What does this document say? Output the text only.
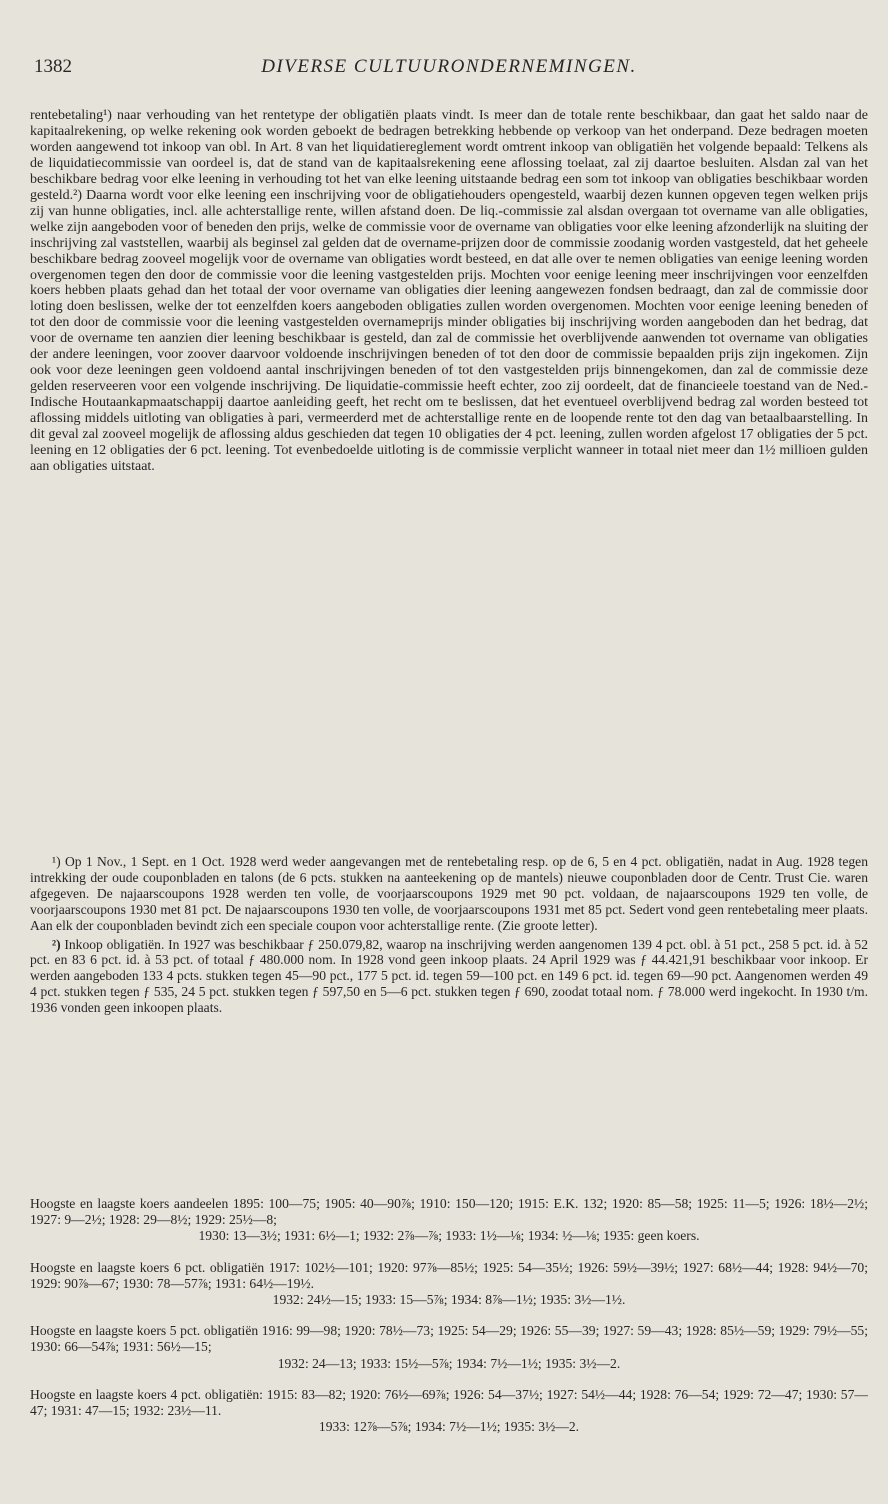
1382	DIVERSE CULTUURONDERNEMINGEN.
rentebetaling¹) naar verhouding van het rentetype der obligatiën plaats vindt. Is meer dan de totale rente beschikbaar, dan gaat het saldo naar de kapitaalrekening, op welke rekening ook worden geboekt de bedragen betrekking hebbende op verkoop van het onderpand. Deze bedragen moeten worden aangewend tot inkoop van obl. In Art. 8 van het liquidatiereglement wordt omtrent inkoop van obligatiën het volgende bepaald: Telkens als de liquidatiecommissie van oordeel is, dat de stand van de kapitaalsrekening eene aflossing toelaat, zal zij daartoe besluiten. Alsdan zal van het beschikbare bedrag voor elke leening in verhouding tot het van elke leening uitstaande bedrag een som tot inkoop van obligaties beschikbaar worden gesteld.²) Daarna wordt voor elke leening een inschrijving voor de obligatiehouders opengesteld, waarbij dezen kunnen opgeven tegen welken prijs zij van hunne obligaties, incl. alle achterstallige rente, willen afstand doen. De liq.-commissie zal alsdan overgaan tot overname van alle obligaties, welke zijn aangeboden voor of beneden den prijs, welke de commissie voor de overname van obligaties voor elke leening afzonderlijk na sluiting der inschrijving zal vaststellen, waarbij als beginsel zal gelden dat de overname-prijzen door de commissie zoodanig worden vastgesteld, dat het geheele beschikbare bedrag zooveel mogelijk voor de overname van obligaties wordt besteed, en dat alle over te nemen obligaties van eenige leening worden overgenomen tegen den door de commissie voor die leening vastgestelden prijs. Mochten voor eenige leening meer inschrijvingen voor eenzelfden koers hebben plaats gehad dan het totaal der voor overname van obligaties dier leening aangewezen fondsen bedraagt, dan zal de commissie door loting doen beslissen, welke der tot eenzelfden koers aangeboden obligaties zullen worden overgenomen. Mochten voor eenige leening beneden of tot den door de commissie voor die leening vastgestelden overnameprijs minder obligaties bij inschrijving worden aangeboden dan het bedrag, dat voor de overname ten aanzien dier leening beschikbaar is gesteld, dan zal de commissie het overblijvende aanwenden tot overname van obligaties der andere leeningen, voor zoover daarvoor voldoende inschrijvingen beneden of tot den door de commissie bepaalden prijs zijn ingekomen. Zijn ook voor deze leeningen geen voldoend aantal inschrijvingen beneden of tot den vastgestelden prijs binnengekomen, dan zal de commissie deze gelden reserveeren voor een volgende inschrijving. De liquidatie-commissie heeft echter, zoo zij oordeelt, dat de financieele toestand van de Ned.-Indische Houtaankapmaatschappij daartoe aanleiding geeft, het recht om te beslissen, dat het eventueel overblijvend bedrag zal worden besteed tot aflossing middels uitloting van obligaties à pari, vermeerderd met de achterstallige rente en de loopende rente tot den dag van betaalbaarstelling. In dit geval zal zooveel mogelijk de aflossing aldus geschieden dat tegen 10 obligaties der 4 pct. leening, zullen worden afgelost 17 obligaties der 5 pct. leening en 12 obligaties der 6 pct. leening. Tot evenbedoelde uitloting is de commissie verplicht wanneer in totaal niet meer dan 1½ millioen gulden aan obligaties uitstaat.

¹) Op 1 Nov., 1 Sept. en 1 Oct. 1928 werd weder aangevangen met de rentebetaling resp. op de 6, 5 en 4 pct. obligatiën, nadat in Aug. 1928 tegen intrekking der oude couponbladen en talons (de 6 pcts. stukken na aanteekening op de mantels) nieuwe couponbladen door de Centr. Trust Cie. waren afgegeven. De najaarscoupons 1928 werden ten volle, de voorjaarscoupons 1929 met 90 pct. voldaan, de najaarscoupons 1929 ten volle, de voorjaarscoupons 1930 met 81 pct. De najaarscoupons 1930 ten volle, de voorjaarscoupons 1931 met 85 pct. Sedert vond geen rentebetaling meer plaats. Aan elk der couponbladen bevindt zich een speciale coupon voor achterstallige rente. (Zie groote letter).

²) Inkoop obligatiën. In 1927 was beschikbaar ƒ 250.079,82, waarop na inschrijving werden aangenomen 139 4 pct. obl. à 51 pct., 258 5 pct. id. à 52 pct. en 83 6 pct. id. à 53 pct. of totaal ƒ 480.000 nom. In 1928 vond geen inkoop plaats. 24 April 1929 was ƒ 44.421,91 beschikbaar voor inkoop. Er werden aangeboden 133 4 pcts. stukken tegen 45—90 pct., 177 5 pct. id. tegen 59—100 pct. en 149 6 pct. id. tegen 69—90 pct. Aangenomen werden 49 4 pct. stukken tegen ƒ 535, 24 5 pct. stukken tegen ƒ 597,50 en 5—6 pct. stukken tegen ƒ 690, zoodat totaal nom. ƒ 78.000 werd ingekocht. In 1930 t/m. 1936 vonden geen inkoopen plaats.

Hoogste en laagste koers aandeelen 1895: 100—75; 1905: 40—90⅞; 1910: 150—120; 1915: E.K. 132; 1920: 85—58; 1925: 11—5; 1926: 18½—2½; 1927: 9—2½; 1928: 29—8½; 1929: 25½—8;
1930: 13—3½; 1931: 6½—1; 1932: 2⅞—⅞; 1933: 1½—⅛; 1934: ½—⅛; 1935: geen koers.
Hoogste en laagste koers 6 pct. obligatiën 1917: 102½—101; 1920: 97⅞—85½; 1925: 54—35½; 1926: 59½—39½; 1927: 68½—44; 1928: 94½—70; 1929: 90⅞—67; 1930: 78—57⅞; 1931: 64½—19½.
1932: 24½—15; 1933: 15—5⅞; 1934: 8⅞—1½; 1935: 3½—1½.
Hoogste en laagste koers 5 pct. obligatiën 1916: 99—98; 1920: 78½—73; 1925: 54—29; 1926: 55—39; 1927: 59—43; 1928: 85½—59; 1929: 79½—55; 1930: 66—54⅞; 1931: 56½—15;
1932: 24—13; 1933: 15½—5⅞; 1934: 7½—1½; 1935: 3½—2.
Hoogste en laagste koers 4 pct. obligatiën: 1915: 83—82; 1920: 76½—69⅞; 1926: 54—37½; 1927: 54½—44; 1928: 76—54; 1929: 72—47; 1930: 57—47; 1931: 47—15; 1932: 23½—11.
1933: 12⅞—5⅞; 1934: 7½—1½; 1935: 3½—2.
